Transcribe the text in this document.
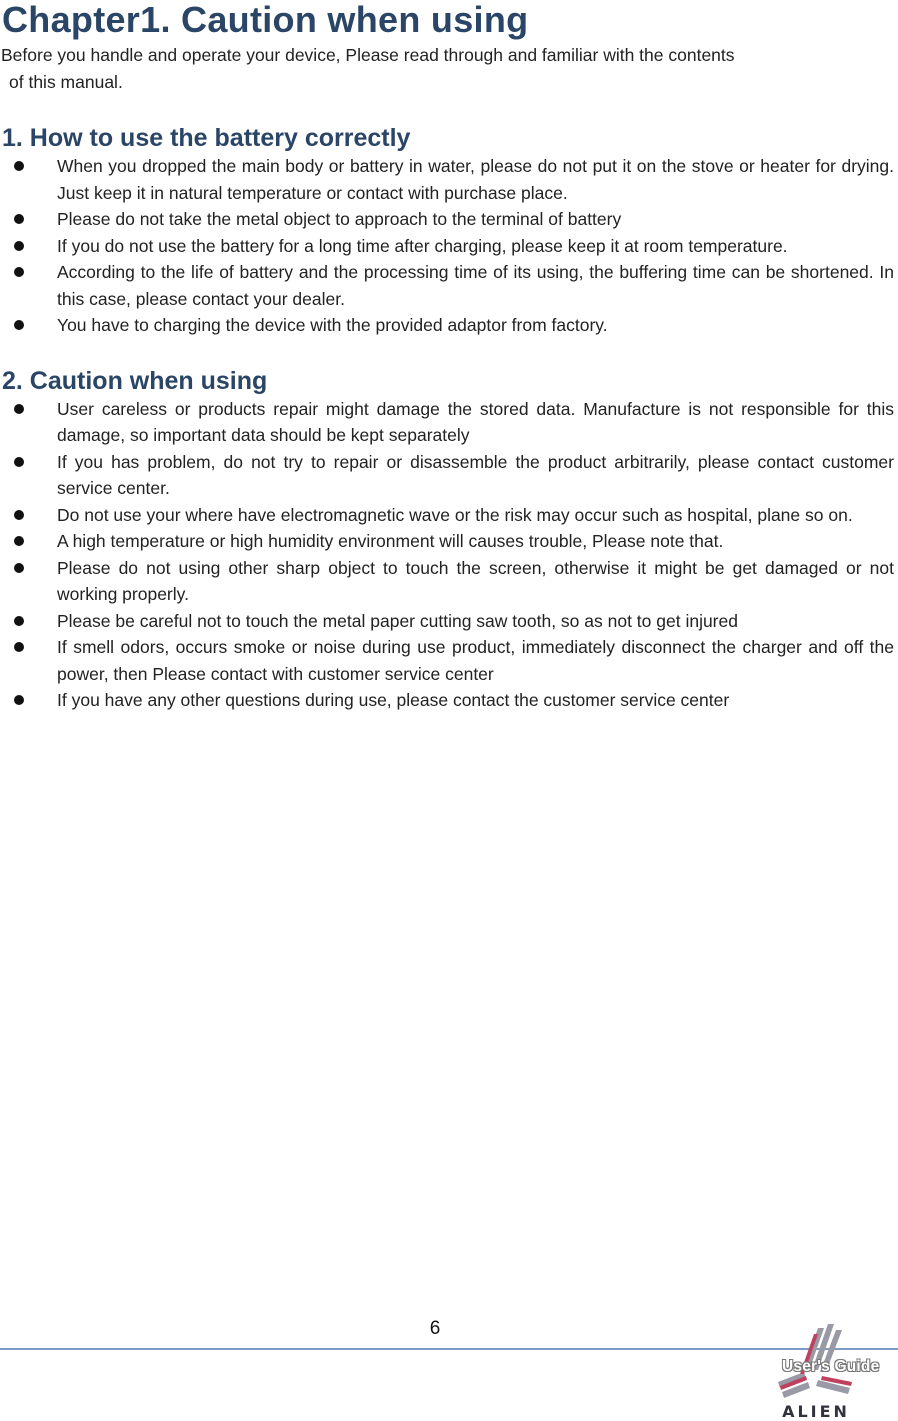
Chapter1. Caution when using

Before you handle and operate your device, Please read through and familiar with the contents
of this manual.

1. How to use the battery correctly
When you dropped the main body or battery in water, please do not put it on the stove or heater for drying. Just keep it in natural temperature or contact with purchase place.
Please do not take the metal object to approach to the terminal of battery
If you do not use the battery for a long time after charging, please keep it at room temperature.
According to the life of battery and the processing time of its using, the buffering time can be shortened. In this case, please contact your dealer.
You have to charging the device with the provided adaptor from factory.
2. Caution when using
User careless or products repair might damage the stored data. Manufacture is not responsible for this damage, so important data should be kept separately
If you has problem, do not try to repair or disassemble the product arbitrarily, please contact customer service center.
Do not use your where have electromagnetic wave or the risk may occur such as hospital, plane so on.
A high temperature or high humidity environment will causes trouble, Please note that.
Please do not using other sharp object to touch the screen, otherwise it might be get damaged or not working properly.
Please be careful not to touch the metal paper cutting saw tooth, so as not to get injured
If smell odors, occurs smoke or noise during use product, immediately disconnect the charger and off the power, then Please contact with customer service center
If you have any other questions during use, please contact the customer service center
6
ALIEN
User's Guide
